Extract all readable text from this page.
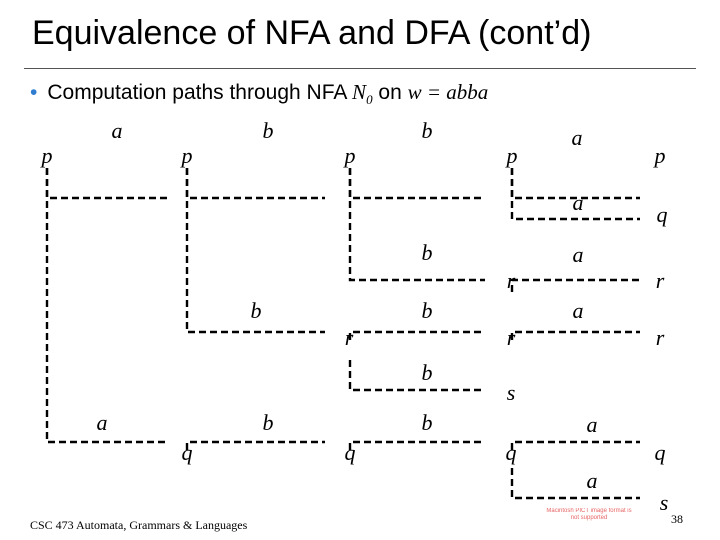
Equivalence of NFA and DFA (cont’d)
• Computation paths through NFA $N_0$ on w = abba
p	p	p	p	p
q
r	r
r	r	r
s
a
q	q	q	q
s
a	b	b	a
a
b	a
b	b	a
b
a
b	b
a
CSC 473 Automata, Grammars & Languages
Macintosh PICT image format is not supported	38
